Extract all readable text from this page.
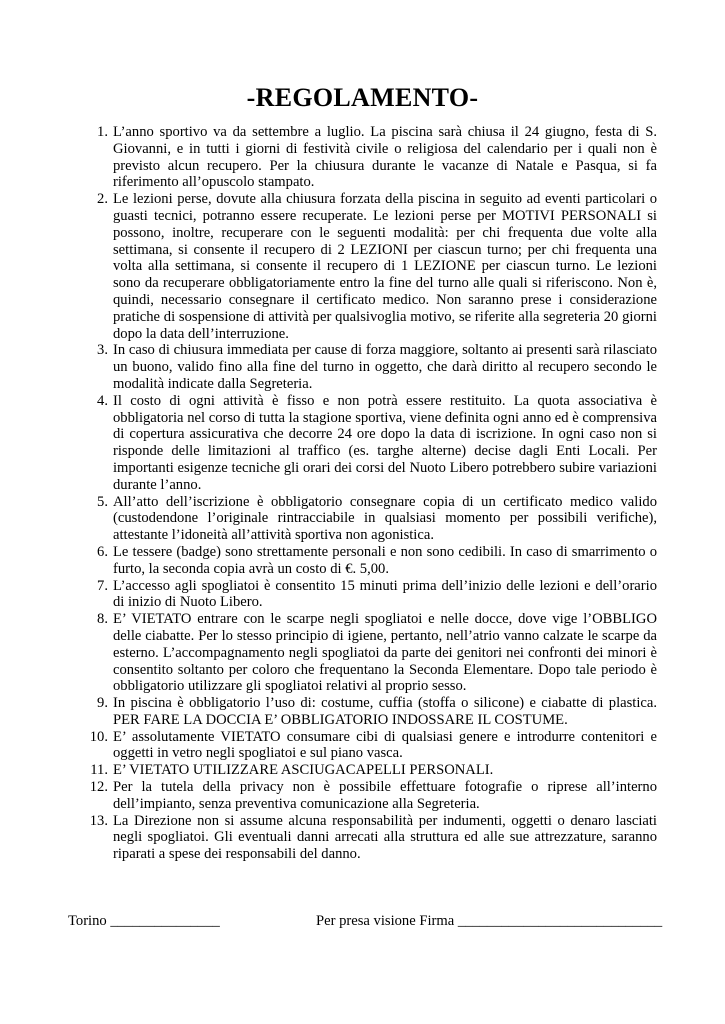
-REGOLAMENTO-
1. L’anno sportivo va da settembre a luglio. La piscina sarà chiusa il 24 giugno, festa di S. Giovanni, e in tutti i giorni di festività civile o religiosa del calendario per i quali non è previsto alcun recupero. Per la chiusura durante le vacanze di Natale e Pasqua, si fa riferimento all’opuscolo stampato.
2. Le lezioni perse, dovute alla chiusura forzata della piscina in seguito ad eventi particolari o guasti tecnici, potranno essere recuperate. Le lezioni perse per MOTIVI PERSONALI si possono, inoltre, recuperare con le seguenti modalità: per chi frequenta due volte alla settimana, si consente il recupero di 2 LEZIONI per ciascun turno; per chi frequenta una volta alla settimana, si consente il recupero di 1 LEZIONE per ciascun turno. Le lezioni sono da recuperare obbligatoriamente entro la fine del turno alle quali si riferiscono. Non è, quindi, necessario consegnare il certificato medico. Non saranno prese i considerazione pratiche di sospensione di attività per qualsivoglia motivo, se riferite alla segreteria 20 giorni dopo la data dell’interruzione.
3. In caso di chiusura immediata per cause di forza maggiore, soltanto ai presenti sarà rilasciato un buono, valido fino alla fine del turno in oggetto, che darà diritto al recupero secondo le modalità indicate dalla Segreteria.
4. Il costo di ogni attività è fisso e non potrà essere restituito. La quota associativa è obbligatoria nel corso di tutta la stagione sportiva, viene definita ogni anno ed è comprensiva di copertura assicurativa che decorre 24 ore dopo la data di iscrizione. In ogni caso non si risponde delle limitazioni al traffico (es. targhe alterne) decise dagli Enti Locali. Per importanti esigenze tecniche gli orari dei corsi del Nuoto Libero potrebbero subire variazioni durante l’anno.
5. All’atto dell’iscrizione è obbligatorio consegnare copia di un certificato medico valido (custodendone l’originale rintracciabile in qualsiasi momento per possibili verifiche), attestante l’idoneità all’attività sportiva non agonistica.
6. Le tessere (badge) sono strettamente personali e non sono cedibili. In caso di smarrimento o furto, la seconda copia avrà un costo di €. 5,00.
7. L’accesso agli spogliatoi è consentito 15 minuti prima dell’inizio delle lezioni e dell’orario di inizio di Nuoto Libero.
8. E’ VIETATO entrare con le scarpe negli spogliatoi e nelle docce, dove vige l’OBBLIGO delle ciabatte. Per lo stesso principio di igiene, pertanto, nell’atrio vanno calzate le scarpe da esterno. L’accompagnamento negli spogliatoi da parte dei genitori nei confronti dei minori è consentito soltanto per coloro che frequentano la Seconda Elementare. Dopo tale periodo è obbligatorio utilizzare gli spogliatoi relativi al proprio sesso.
9. In piscina è obbligatorio l’uso di: costume, cuffia (stoffa o silicone) e ciabatte di plastica. PER FARE LA DOCCIA E’ OBBLIGATORIO INDOSSARE IL COSTUME.
10. E’ assolutamente VIETATO consumare cibi di qualsiasi genere e introdurre contenitori e oggetti in vetro negli spogliatoi e sul piano vasca.
11. E’ VIETATO UTILIZZARE ASCIUGACAPELLI PERSONALI.
12. Per la tutela della privacy non è possibile effettuare fotografie o riprese all’interno dell’impianto, senza preventiva comunicazione alla Segreteria.
13. La Direzione non si assume alcuna responsabilità per indumenti, oggetti o denaro lasciati negli spogliatoi. Gli eventuali danni arrecati alla struttura ed alle sue attrezzature, saranno riparati a spese dei responsabili del danno.
Torino _______________	Per presa visione Firma ____________________________
